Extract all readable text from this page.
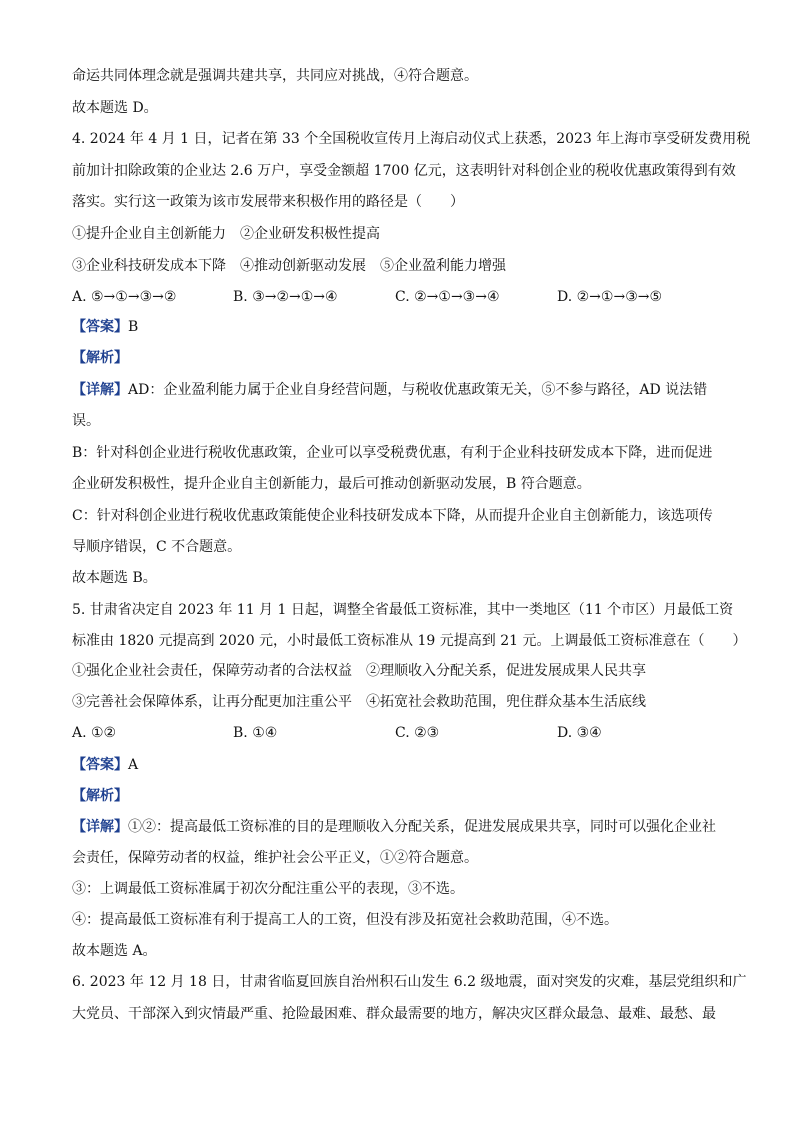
命运共同体理念就是强调共建共享，共同应对挑战，④符合题意。
故本题选 D。
4. 2024 年 4 月 1 日，记者在第 33 个全国税收宣传月上海启动仪式上获悉，2023 年上海市享受研发费用税
前加计扣除政策的企业达 2.6 万户，享受金额超 1700 亿元，这表明针对科创企业的税收优惠政策得到有效
落实。实行这一政策为该市发展带来积极作用的路径是（　　）
①提升企业自主创新能力　②企业研发积极性提高
③企业科技研发成本下降　④推动创新驱动发展　⑤企业盈利能力增强
A. ⑤→①→③→②	B. ③→②→①→④	C. ②→①→③→④	D. ②→①→③→⑤
【答案】B
【解析】
【详解】AD：企业盈利能力属于企业自身经营问题，与税收优惠政策无关，⑤不参与路径，AD 说法错
误。
B：针对科创企业进行税收优惠政策，企业可以享受税费优惠，有利于企业科技研发成本下降，进而促进
企业研发积极性，提升企业自主创新能力，最后可推动创新驱动发展，B 符合题意。
C：针对科创企业进行税收优惠政策能使企业科技研发成本下降，从而提升企业自主创新能力，该选项传
导顺序错误，C 不合题意。
故本题选 B。
5. 甘肃省决定自 2023 年 11 月 1 日起，调整全省最低工资标准，其中一类地区（11 个市区）月最低工资
标准由 1820 元提高到 2020 元，小时最低工资标准从 19 元提高到 21 元。上调最低工资标准意在（　　）
①强化企业社会责任，保障劳动者的合法权益　②理顺收入分配关系，促进发展成果人民共享
③完善社会保障体系，让再分配更加注重公平　④拓宽社会救助范围，兜住群众基本生活底线
A. ①②	B. ①④	C. ②③	D. ③④
【答案】A
【解析】
【详解】①②：提高最低工资标准的目的是理顺收入分配关系，促进发展成果共享，同时可以强化企业社
会责任，保障劳动者的权益，维护社会公平正义，①②符合题意。
③：上调最低工资标准属于初次分配注重公平的表现，③不选。
④：提高最低工资标准有利于提高工人的工资，但没有涉及拓宽社会救助范围，④不选。
故本题选 A。
6. 2023 年 12 月 18 日，甘肃省临夏回族自治州积石山发生 6.2 级地震，面对突发的灾难，基层党组织和广
大党员、干部深入到灾情最严重、抢险最困难、群众最需要的地方，解决灾区群众最急、最难、最愁、最
